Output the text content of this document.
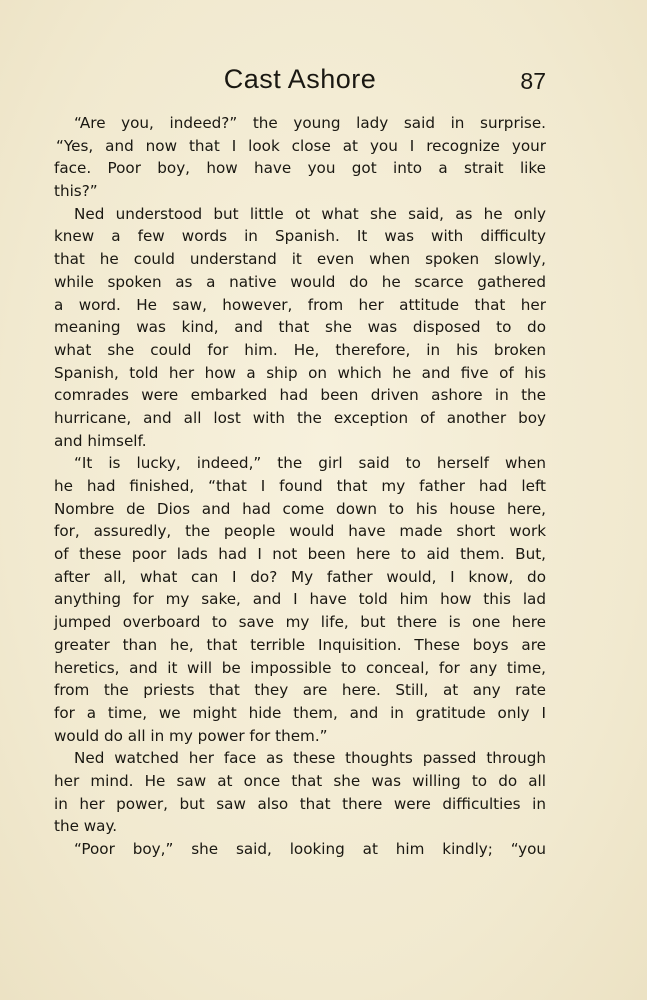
Cast Ashore	87
“Are you, indeed?” the young lady said in surprise.
“Yes, and now that I look close at you I recognize your
face. Poor boy, how have you got into a strait like
this?”
Ned understood but little ot what she said, as he only
knew a few words in Spanish. It was with difficulty
that he could understand it even when spoken slowly,
while spoken as a native would do he scarce gathered
a word. He saw, however, from her attitude that her
meaning was kind, and that she was disposed to do
what she could for him. He, therefore, in his broken
Spanish, told her how a ship on which he and five of his
comrades were embarked had been driven ashore in the
hurricane, and all lost with the exception of another boy
and himself.
“It is lucky, indeed,” the girl said to herself when
he had finished, “that I found that my father had left
Nombre de Dios and had come down to his house here,
for, assuredly, the people would have made short work
of these poor lads had I not been here to aid them. But,
after all, what can I do? My father would, I know, do
anything for my sake, and I have told him how this lad
jumped overboard to save my life, but there is one here
greater than he, that terrible Inquisition. These boys are
heretics, and it will be impossible to conceal, for any time,
from the priests that they are here. Still, at any rate
for a time, we might hide them, and in gratitude only I
would do all in my power for them.”
Ned watched her face as these thoughts passed through
her mind. He saw at once that she was willing to do all
in her power, but saw also that there were difficulties in
the way.
“Poor boy,” she said, looking at him kindly; “you
